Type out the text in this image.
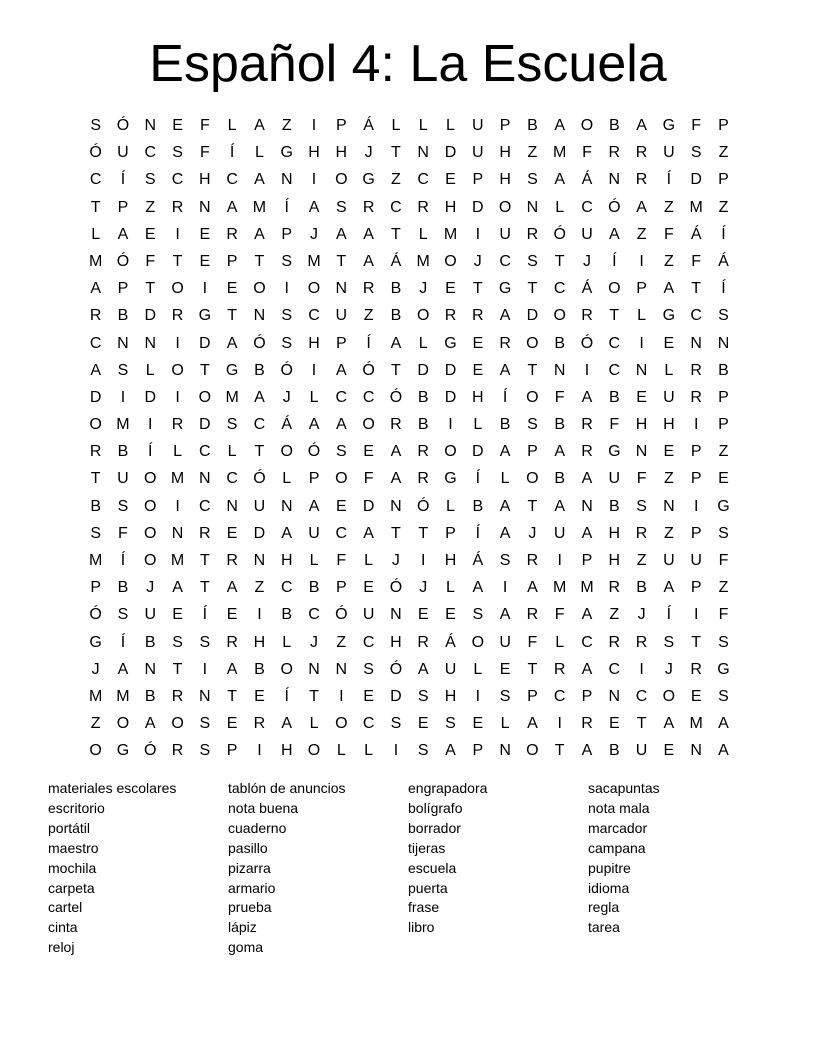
Español 4: La Escuela
S Ó N	E	F	L	A	Z	I	P	Á	L	L	L	U	P	B	A O B	A G	F	P
Ó U C	S	F	Í	L	G H H	J	T	N D U H	Z M F	R R U	S	Z
C	Í	S	C H C	A	N	I	O G	Z	C	E	P	H	S	A	Á	N R	Í	D	P
T	P	Z	R N	A M	Í	A	S	R C R H D O N	L	C Ó A	Z M Z
L	A	E	I	E	R	A	P	J	A	A	T	L	M	I	U R Ó U	A	Z	F	Á	Í
M Ó	F	T	E	P	T	S M T	A	Á M O	J	C	S	T	J	Í	I	Z	F	Á
A	P	T	O	I	E O	I	O N R	B	J	E	T	G	T	C	Á O P	A	T	Í
R	B	D R G	T	N	S	C U	Z	B O R R	A	D O R	T	L	G C	S
C N N	I	D	A Ó S	H	P	Í	A	L	G E	R O B Ó C	I	E	N N
A	S	L	O	T	G B Ó	I	A Ó	T	D D	E	A	T	N	I	C N	L	R	B
D	I	D	I	O M A	J	L	C C Ó B	D H	Í	O	F	A	B	E	U R	P
O M	I	R D	S	C	Á	A	A O R	B	I	L	B	S	B	R	F	H H	I	P
R	B	Í	L	C	L	T	O Ó S	E	A	R O D	A	P	A	R G N	E	P	Z
T	U O M N C Ó	L	P O	F	A	R G	Í	L	O B	A	U	F	Z	P	E
B	S O	I	C N U N	A	E	D N Ó	L	B	A	T	A	N	B	S	N	I	G
S	F	O N R	E	D	A	U C	A	T	T	P	Í	A	J	U	A	H R	Z	P	S
M	Í	O M T	R N H	L	F	L	J	I	H	Á	S	R	I	P	H	Z	U U	F
P	B	J	A	T	A	Z	C	B	P	E Ó	J	L	A	I	A M M R	B	A	P	Z
Ó S	U	E	Í	E	I	B	C Ó U N	E	E	S	A	R	F	A	Z	J	Í	I	F
G	Í	B	S	S	R H	L	J	Z	C H R	Á O U	F	L	C R R	S	T	S
J	A	N	T	I	A	B O N N	S Ó A	U	L	E	T	R	A	C	I	J	R G
M M B	R N	T	E	Í	T	I	E	D	S	H	I	S	P	C	P	N C O E	S
Z	O A O S	E	R	A	L	O C	S	E	S	E	L	A	I	R	E	T	A M A
O G Ó R	S	P	I	H O	L	L	I	S	A	P	N O	T	A	B	U	E	N	A
materiales escolares
escritorio
portátil
maestro
mochila
carpeta
cartel
cinta
reloj
tablón de anuncios
nota buena
cuaderno
pasillo
pizarra
armario
prueba
lápiz
goma
engrapadora
bolígrafo
borrador
tijeras
escuela
puerta
frase
libro
sacapuntas
nota mala
marcador
campana
pupitre
idioma
regla
tarea
